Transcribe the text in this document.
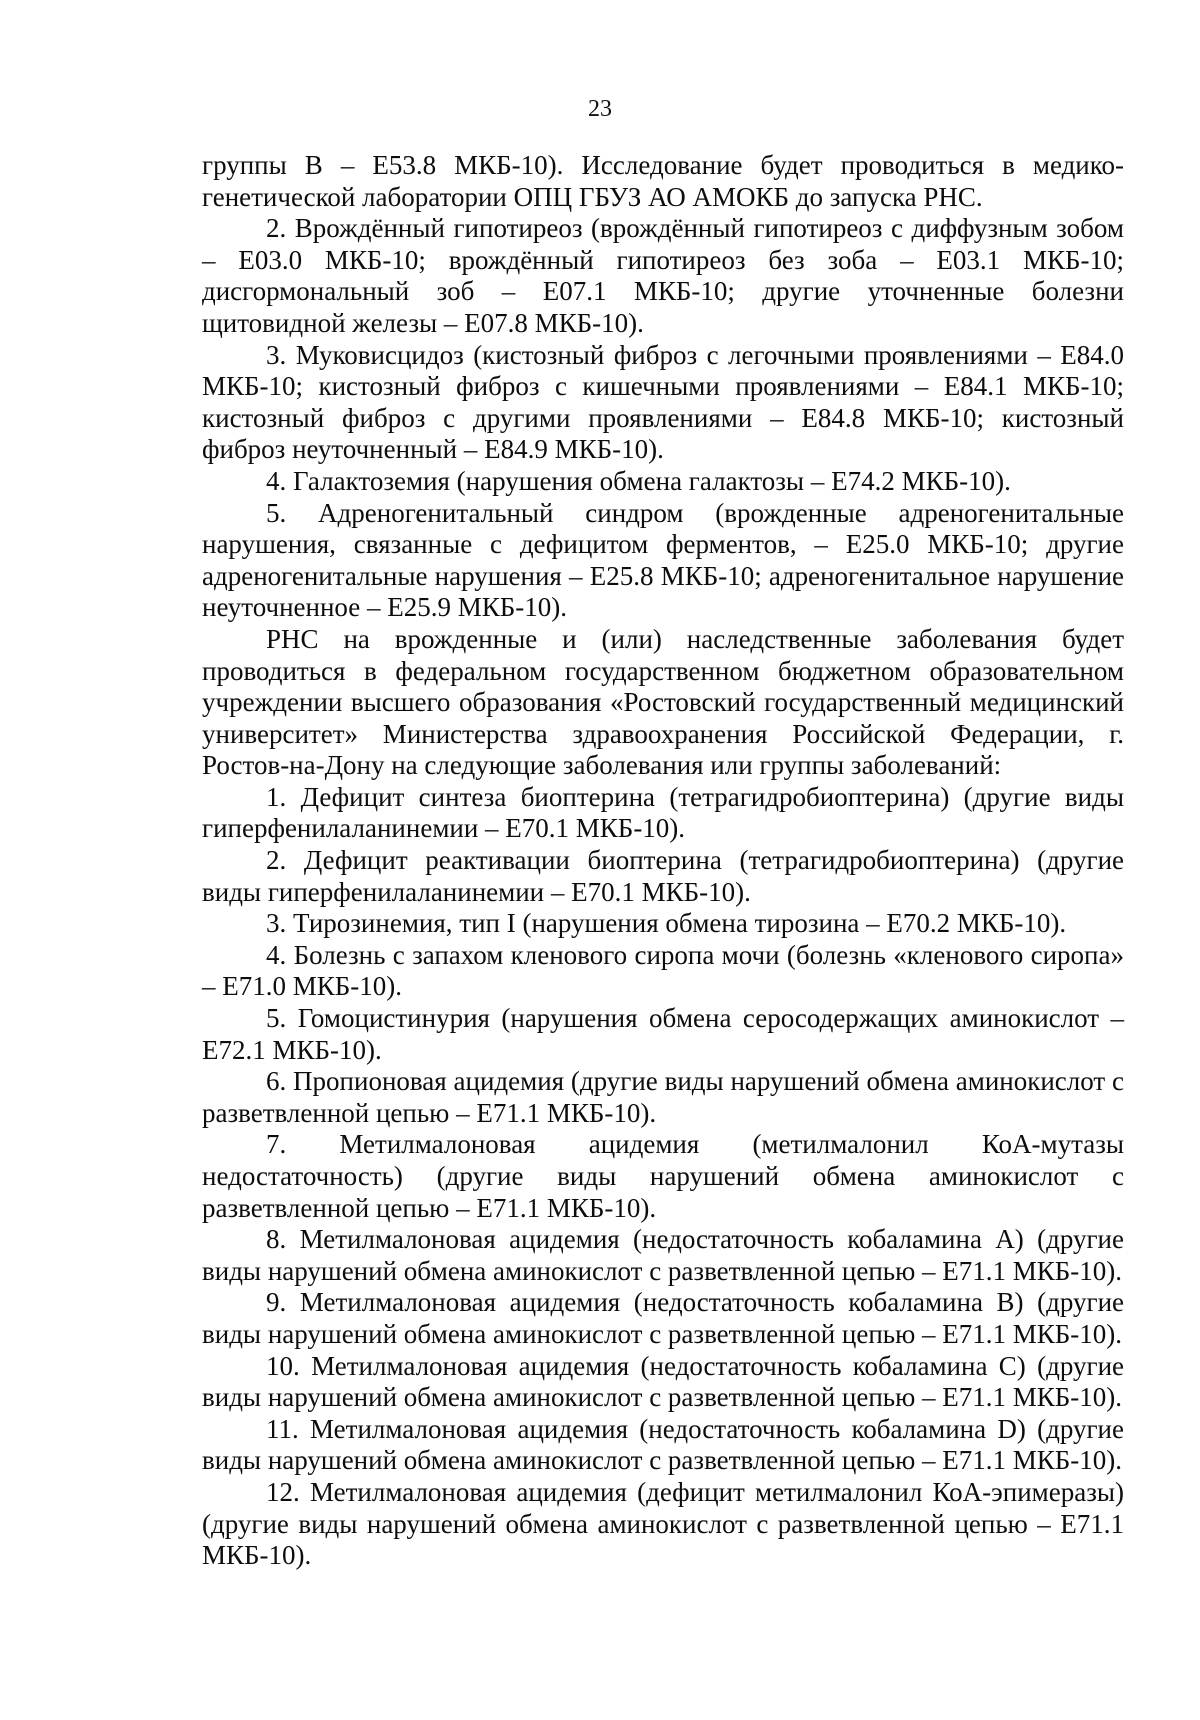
23

группы B – E53.8 МКБ-10). Исследование будет проводиться в медико-генетической лаборатории ОПЦ ГБУЗ АО АМОКБ до запуска РНС.

2. Врождённый гипотиреоз (врождённый гипотиреоз с диффузным зобом – E03.0 МКБ-10; врождённый гипотиреоз без зоба – E03.1 МКБ-10; дисгормональный зоб – E07.1 МКБ-10; другие уточненные болезни щитовидной железы – E07.8 МКБ-10).

3. Муковисцидоз (кистозный фиброз с легочными проявлениями – E84.0 МКБ-10; кистозный фиброз с кишечными проявлениями – E84.1 МКБ-10; кистозный фиброз с другими проявлениями – E84.8 МКБ-10; кистозный фиброз неуточненный – E84.9 МКБ-10).

4. Галактоземия (нарушения обмена галактозы – E74.2 МКБ-10).

5. Адреногенитальный синдром (врожденные адреногенитальные нарушения, связанные с дефицитом ферментов, – E25.0 МКБ-10; другие адреногенитальные нарушения – E25.8 МКБ-10; адреногенитальное нарушение неуточненное – E25.9 МКБ-10).

РНС на врожденные и (или) наследственные заболевания будет проводиться в федеральном государственном бюджетном образовательном учреждении высшего образования «Ростовский государственный медицинский университет» Министерства здравоохранения Российской Федерации, г. Ростов-на-Дону на следующие заболевания или группы заболеваний:

1. Дефицит синтеза биоптерина (тетрагидробиоптерина) (другие виды гиперфенилаланинемии – E70.1 МКБ-10).

2. Дефицит реактивации биоптерина (тетрагидробиоптерина) (другие виды гиперфенилаланинемии – E70.1 МКБ-10).

3. Тирозинемия, тип I (нарушения обмена тирозина – E70.2 МКБ-10).

4. Болезнь с запахом кленового сиропа мочи (болезнь «кленового сиропа» – E71.0 МКБ-10).

5. Гомоцистинурия (нарушения обмена серосодержащих аминокислот – E72.1 МКБ-10).

6. Пропионовая ацидемия (другие виды нарушений обмена аминокислот с разветвленной цепью – E71.1 МКБ-10).

7. Метилмалоновая ацидемия (метилмалонил КоА-мутазы недостаточность) (другие виды нарушений обмена аминокислот с разветвленной цепью – E71.1 МКБ-10).

8. Метилмалоновая ацидемия (недостаточность кобаламина A) (другие виды нарушений обмена аминокислот с разветвленной цепью – E71.1 МКБ-10).

9. Метилмалоновая ацидемия (недостаточность кобаламина B) (другие виды нарушений обмена аминокислот с разветвленной цепью – E71.1 МКБ-10).

10. Метилмалоновая ацидемия (недостаточность кобаламина C) (другие виды нарушений обмена аминокислот с разветвленной цепью – E71.1 МКБ-10).

11. Метилмалоновая ацидемия (недостаточность кобаламина D) (другие виды нарушений обмена аминокислот с разветвленной цепью – E71.1 МКБ-10).

12. Метилмалоновая ацидемия (дефицит метилмалонил КоА-эпимеразы) (другие виды нарушений обмена аминокислот с разветвленной цепью – E71.1 МКБ-10).
